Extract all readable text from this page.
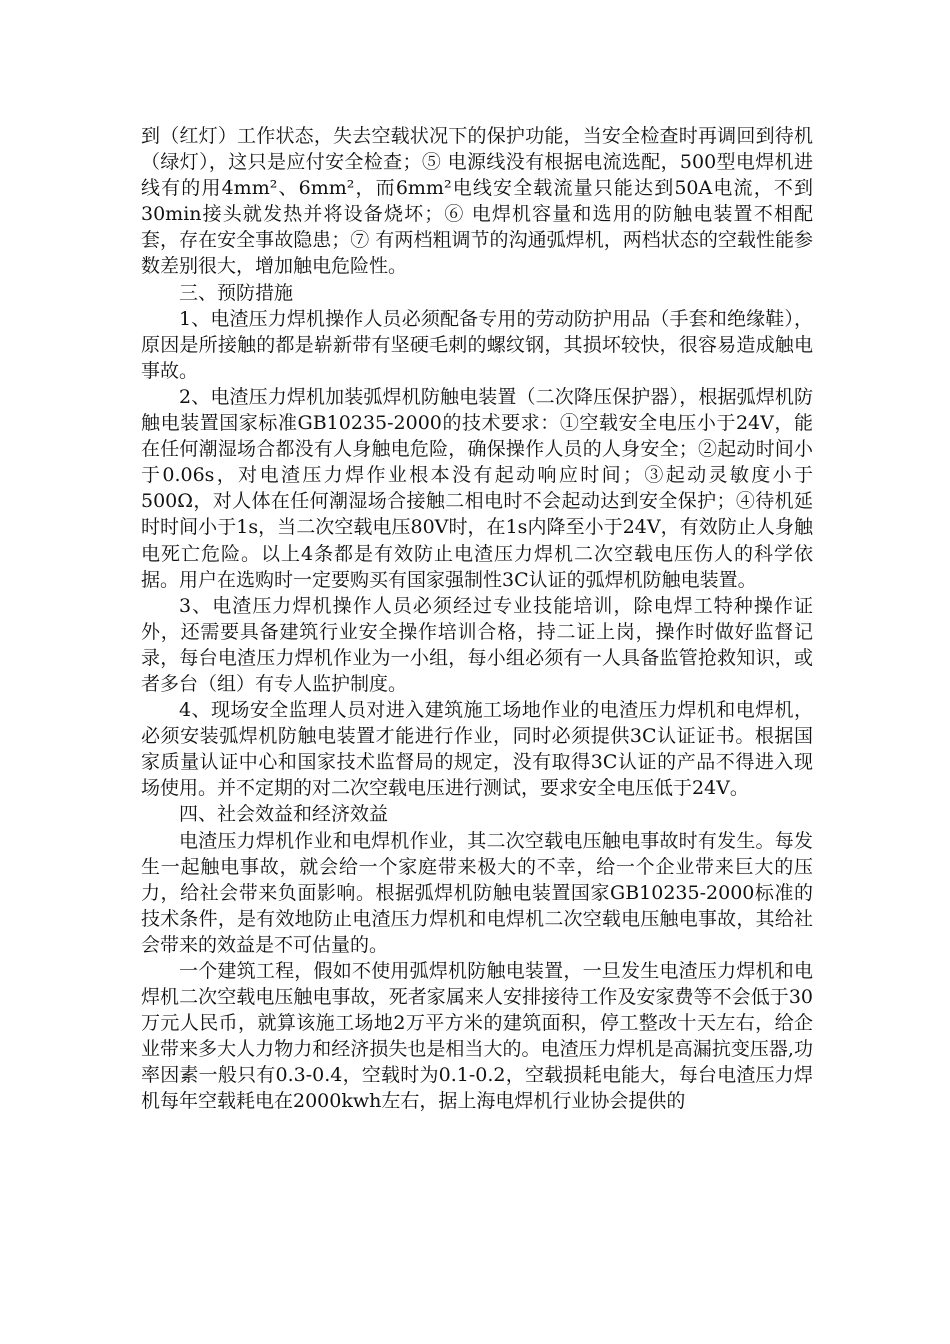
到（红灯）工作状态，失去空载状况下的保护功能，当安全检查时再调回到待机（绿灯），这只是应付安全检查；⑤ 电源线没有根据电流选配，500型电焊机进线有的用4mm²、6mm²，而6mm²电线安全载流量只能达到50A电流，不到30min接头就发热并将设备烧坏；⑥ 电焊机容量和选用的防触电装置不相配套，存在安全事故隐患；⑦ 有两档粗调节的沟通弧焊机，两档状态的空载性能参数差别很大，增加触电危险性。

三、预防措施

1、电渣压力焊机操作人员必须配备专用的劳动防护用品（手套和绝缘鞋），原因是所接触的都是崭新带有坚硬毛刺的螺纹钢，其损坏较快，很容易造成触电事故。

2、电渣压力焊机加装弧焊机防触电装置（二次降压保护器），根据弧焊机防触电装置国家标准GB10235-2000的技术要求：①空载安全电压小于24V，能在任何潮湿场合都没有人身触电危险，确保操作人员的人身安全；②起动时间小于0.06s，对电渣压力焊作业根本没有起动响应时间；③起动灵敏度小于500Ω，对人体在任何潮湿场合接触二相电时不会起动达到安全保护；④待机延时时间小于1s，当二次空载电压80V时，在1s内降至小于24V，有效防止人身触电死亡危险。以上4条都是有效防止电渣压力焊机二次空载电压伤人的科学依据。用户在选购时一定要购买有国家强制性3C认证的弧焊机防触电装置。

3、电渣压力焊机操作人员必须经过专业技能培训，除电焊工特种操作证外，还需要具备建筑行业安全操作培训合格，持二证上岗，操作时做好监督记录，每台电渣压力焊机作业为一小组，每小组必须有一人具备监管抢救知识，或者多台（组）有专人监护制度。

4、现场安全监理人员对进入建筑施工场地作业的电渣压力焊机和电焊机，必须安装弧焊机防触电装置才能进行作业，同时必须提供3C认证证书。根据国家质量认证中心和国家技术监督局的规定，没有取得3C认证的产品不得进入现场使用。并不定期的对二次空载电压进行测试，要求安全电压低于24V。

四、社会效益和经济效益

电渣压力焊机作业和电焊机作业，其二次空载电压触电事故时有发生。每发生一起触电事故，就会给一个家庭带来极大的不幸，给一个企业带来巨大的压力，给社会带来负面影响。根据弧焊机防触电装置国家GB10235-2000标准的技术条件，是有效地防止电渣压力焊机和电焊机二次空载电压触电事故，其给社会带来的效益是不可估量的。

一个建筑工程，假如不使用弧焊机防触电装置，一旦发生电渣压力焊机和电焊机二次空载电压触电事故，死者家属来人安排接待工作及安家费等不会低于30万元人民币，就算该施工场地2万平方米的建筑面积，停工整改十天左右，给企业带来多大人力物力和经济损失也是相当大的。电渣压力焊机是高漏抗变压器,功率因素一般只有0.3-0.4，空载时为0.1-0.2，空载损耗电能大，每台电渣压力焊机每年空载耗电在2000kwh左右，据上海电焊机行业协会提供的
